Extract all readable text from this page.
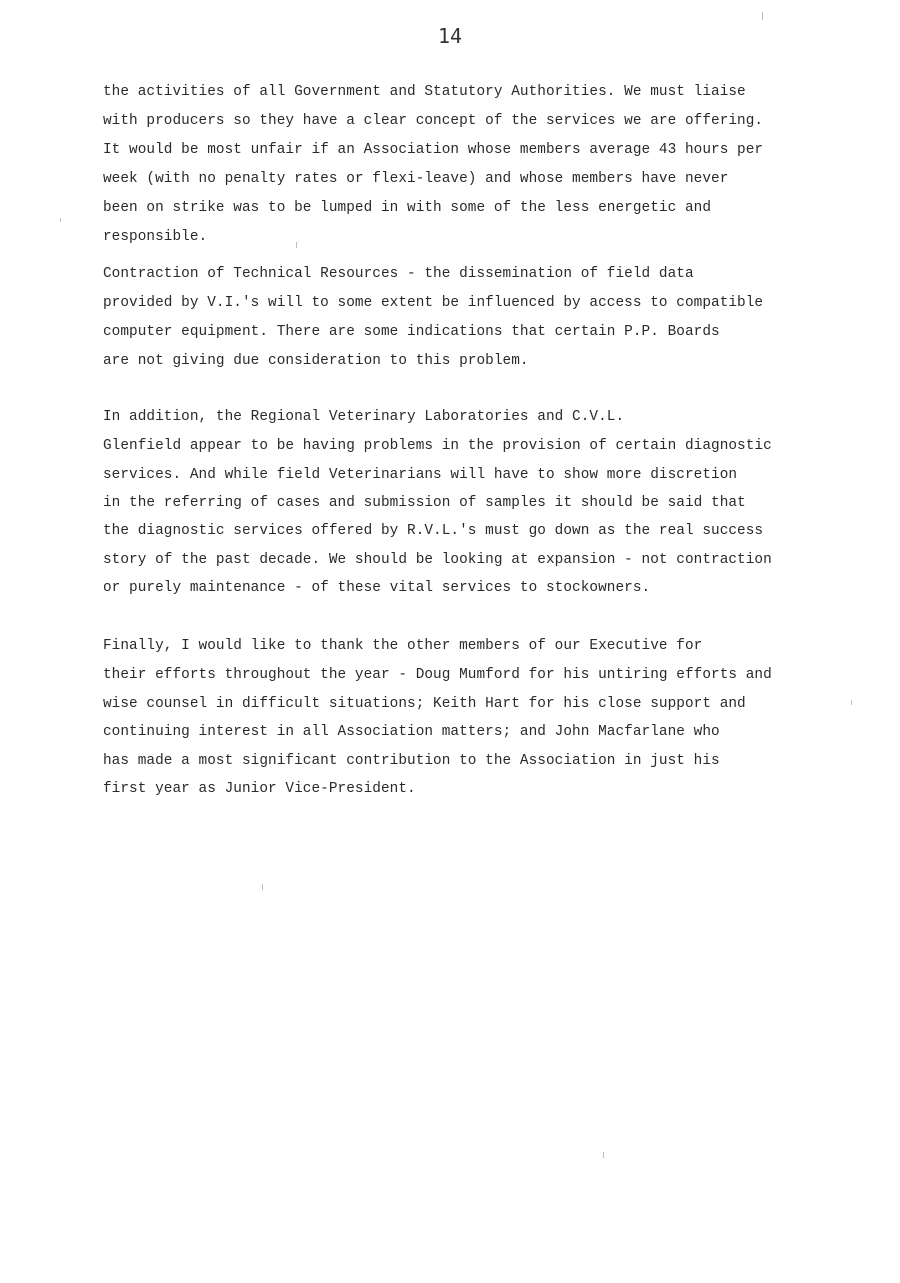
14
the activities of all Government and Statutory Authorities. We must liaise
with producers so they have a clear concept of the services we are offering.
It would be most unfair if an Association whose members average 43 hours per
week (with no penalty rates or flexi-leave) and whose members have never
been on strike was to be lumped in with some of the less energetic and
responsible.
Contraction of Technical Resources - the dissemination of field data
provided by V.I.'s will to some extent be influenced by access to compatible
computer equipment. There are some indications that certain P.P. Boards
are not giving due consideration to this problem.
In addition, the Regional Veterinary Laboratories and C.V.L.
Glenfield appear to be having problems in the provision of certain diagnostic
services. And while field Veterinarians will have to show more discretion
in the referring of cases and submission of samples it should be said that
the diagnostic services offered by R.V.L.'s must go down as the real success
story of the past decade. We should be looking at expansion - not contraction
or purely maintenance - of these vital services to stockowners.
Finally, I would like to thank the other members of our Executive for
their efforts throughout the year - Doug Mumford for his untiring efforts and
wise counsel in difficult situations; Keith Hart for his close support and
continuing interest in all Association matters; and John Macfarlane who
has made a most significant contribution to the Association in just his
first year as Junior Vice-President.
